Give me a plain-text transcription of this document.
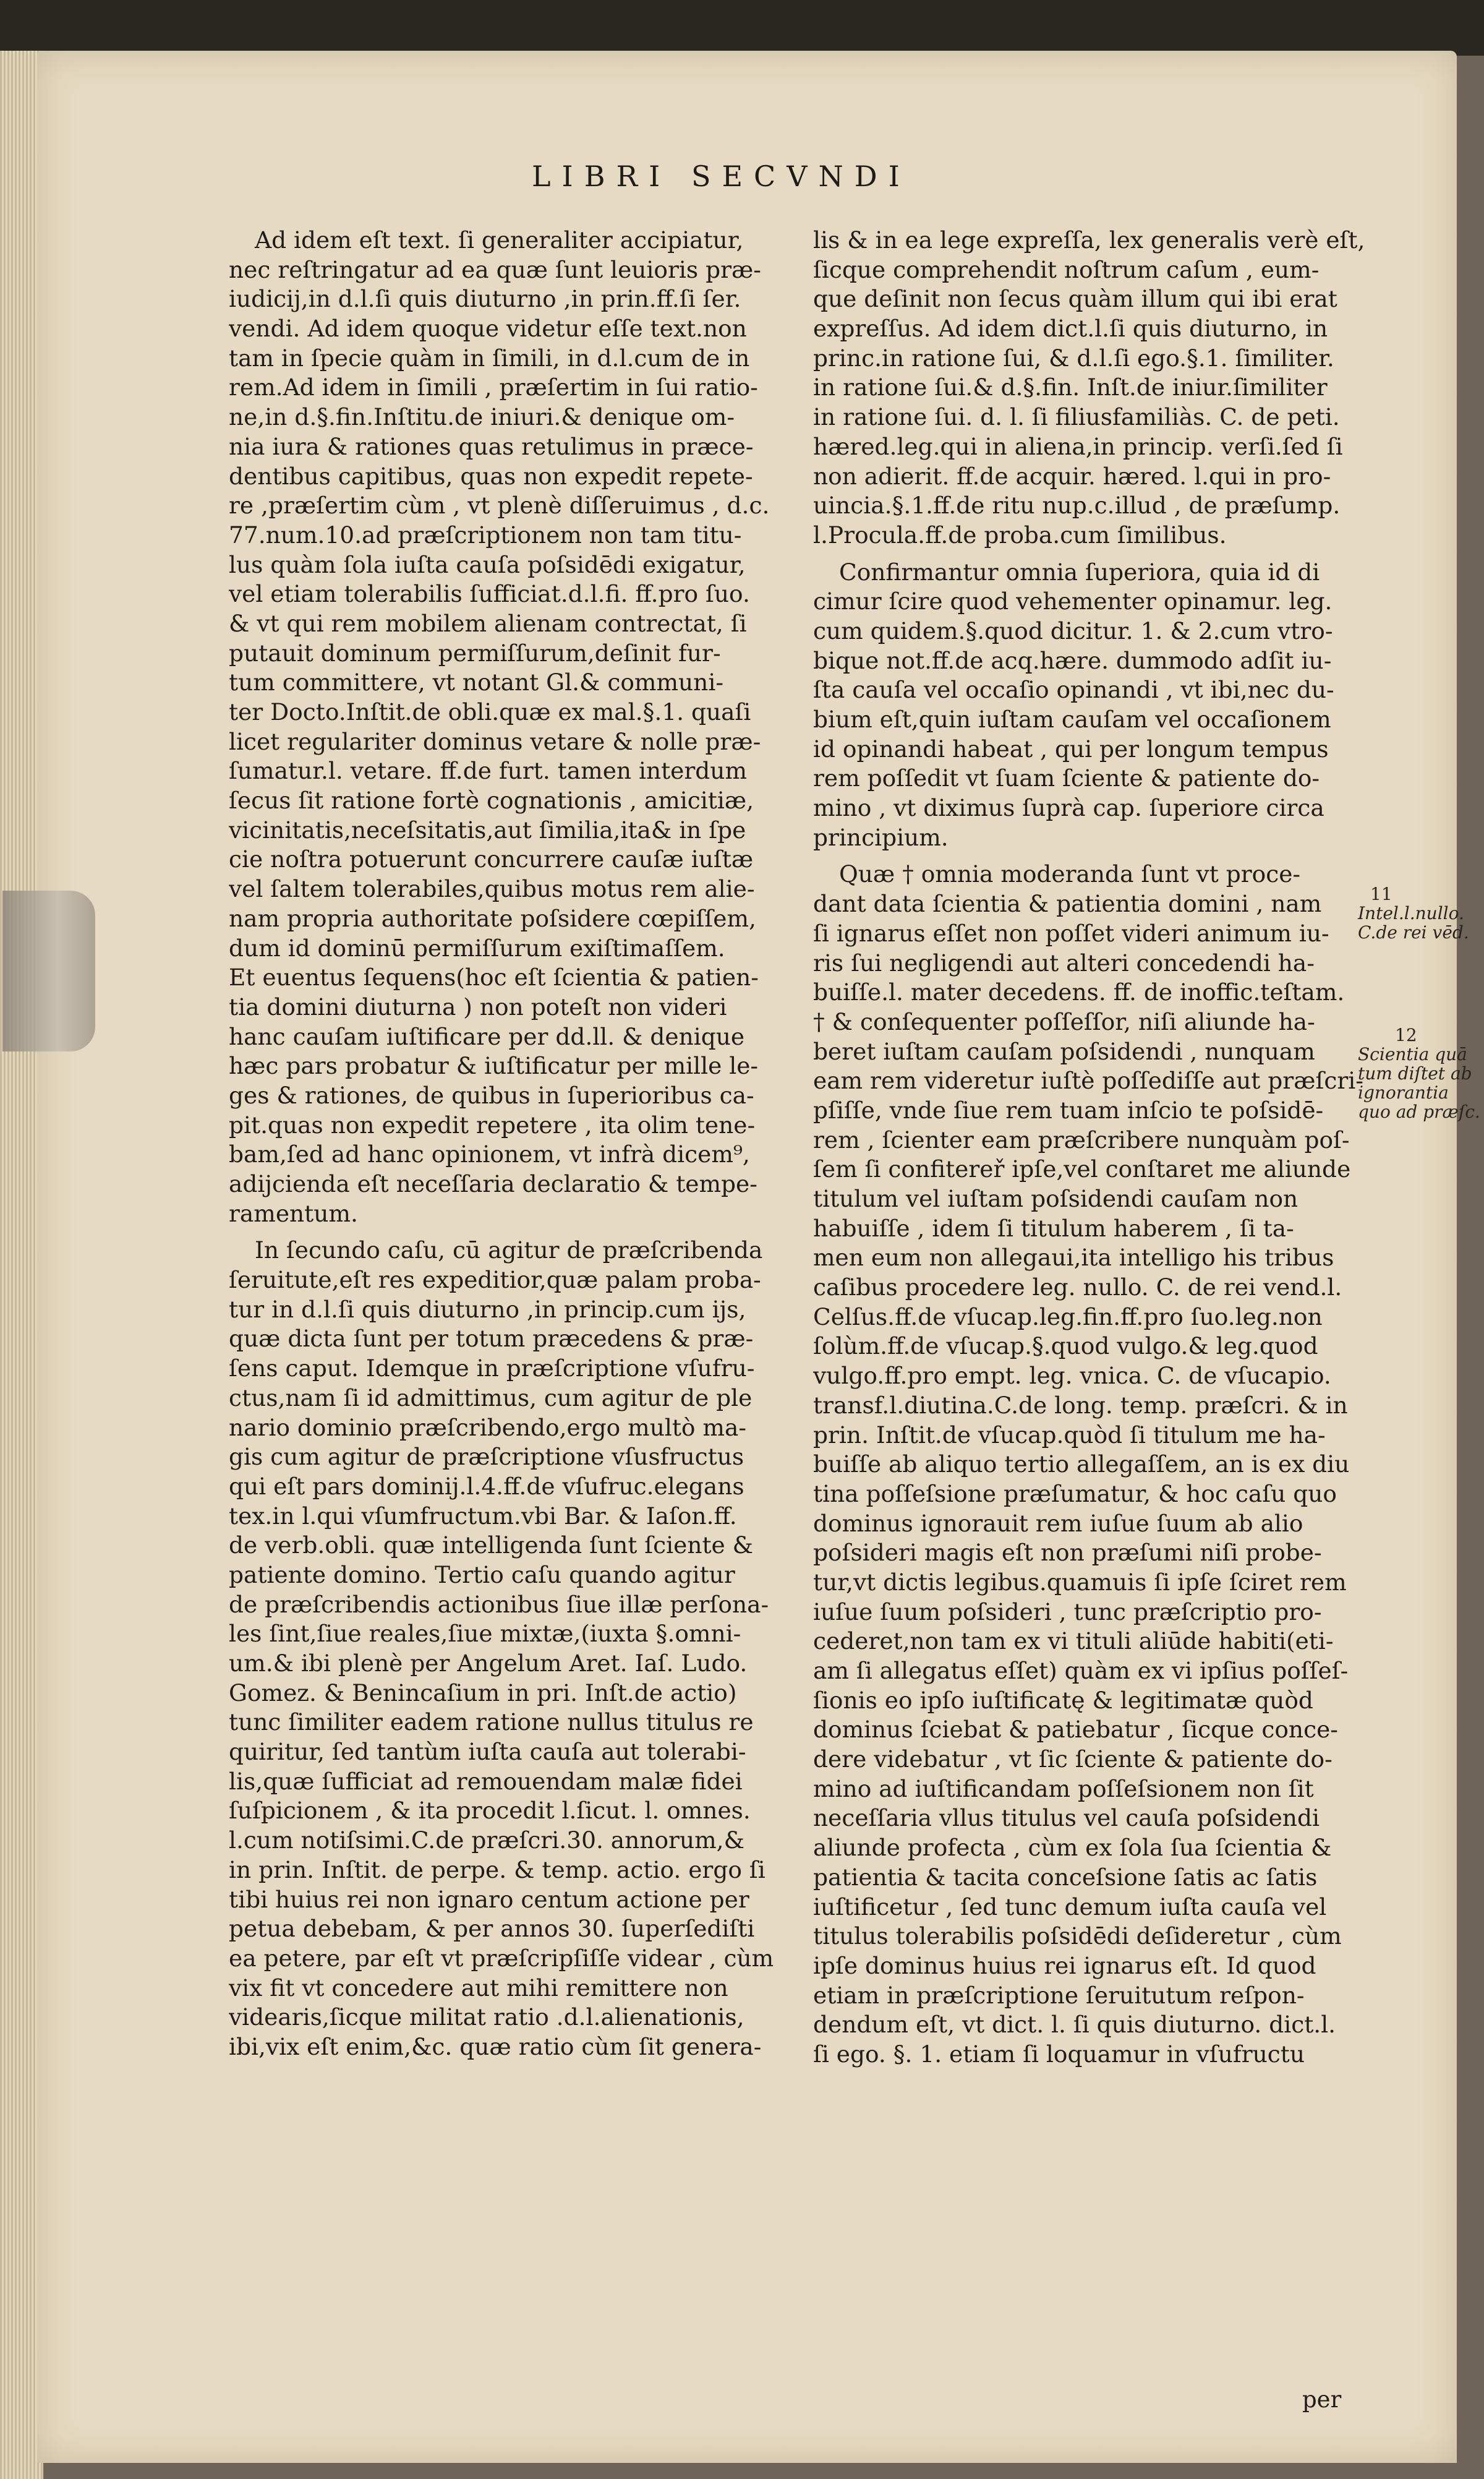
LIBRI SECVNDI
Ad idem eſt text. ſi generaliter accipiatur,
nec reſtringatur ad ea quæ ſunt leuioris præ-
iudicij,in d.l.ſi quis diuturno ,in prin.ff.ſi ſer.
vendi. Ad idem quoque videtur eſſe text.non
tam in ſpecie quàm in ſimili, in d.l.cum de in
rem.Ad idem in ſimili , præſertim in ſui ratio-
ne,in d.§.fin.Inſtitu.de iniuri.& denique om-
nia iura & rationes quas retulimus in præce-
dentibus capitibus, quas non expedit repete-
re ,præſertim cùm , vt plenè diſſeruimus , d.c.
77.num.10.ad præſcriptionem non tam titu-
lus quàm ſola iuſta cauſa poſsidēdi exigatur,
vel etiam tolerabilis ſufficiat.d.l.fi. ff.pro ſuo.
& vt qui rem mobilem alienam contrectat, ſi
putauit dominum permiſſurum,deſinit fur-
tum committere, vt notant Gl.& communi-
ter Docto.Inſtit.de obli.quæ ex mal.§.1. quaſi
licet regulariter dominus vetare & nolle præ-
ſumatur.l. vetare. ff.de furt. tamen interdum
ſecus ſit ratione fortè cognationis , amicitiæ,
vicinitatis,neceſsitatis,aut ſimilia,ita& in ſpe
cie noſtra potuerunt concurrere cauſæ iuſtæ
vel ſaltem tolerabiles,quibus motus rem alie-
nam propria authoritate poſsidere cœpiſſem,
dum id dominū permiſſurum exiſtimaſſem.
Et euentus ſequens(hoc eſt ſcientia & patien-
tia domini diuturna ) non poteſt non videri
hanc cauſam iuſtificare per dd.ll. & denique
hæc pars probatur & iuſtificatur per mille le-
ges & rationes, de quibus in ſuperioribus ca-
pit.quas non expedit repetere , ita olim tene-
bam,ſed ad hanc opinionem, vt infrà dicem⁹,
adijcienda eſt neceſſaria declaratio & tempe-
ramentum.
In ſecundo caſu, cū agitur de præſcribenda
ſeruitute,eſt res expeditior,quæ palam proba-
tur in d.l.ſi quis diuturno ,in princip.cum ijs,
quæ dicta ſunt per totum præcedens & præ-
ſens caput. Idemque in præſcriptione vſufru-
ctus,nam ſi id admittimus, cum agitur de ple
nario dominio præſcribendo,ergo multò ma-
gis cum agitur de præſcriptione vſusfructus
qui eſt pars dominij.l.4.ff.de vſufruc.elegans
tex.in l.qui vſumfructum.vbi Bar. & Iaſon.ff.
de verb.obli. quæ intelligenda ſunt ſciente &
patiente domino. Tertio caſu quando agitur
de præſcribendis actionibus ſiue illæ perſona-
les ſint,ſiue reales,ſiue mixtæ,(iuxta §.omni-
um.& ibi plenè per Angelum Aret. Iaſ. Ludo.
Gomez. & Benincaſium in pri. Inſt.de actio)
tunc ſimiliter eadem ratione nullus titulus re
quiritur, ſed tantùm iuſta cauſa aut tolerabi-
lis,quæ ſufficiat ad remouendam malæ fidei
ſuſpicionem , & ita procedit l.ſicut. l. omnes.
l.cum notiſsimi.C.de præſcri.30. annorum,&
in prin. Inſtit. de perpe. & temp. actio. ergo ſi
tibi huius rei non ignaro centum actione per
petua debebam, & per annos 30. ſuperſediſti
ea petere, par eſt vt præſcripſiſſe videar , cùm
vix fit vt concedere aut mihi remittere non
videaris,ſicque militat ratio .d.l.alienationis,
ibi,vix eſt enim,&c. quæ ratio cùm ſit genera-
lis & in ea lege expreſſa, lex generalis verè eſt,
ſicque comprehendit noſtrum caſum , eum-
que deſinit non ſecus quàm illum qui ibi erat
expreſſus. Ad idem dict.l.ſi quis diuturno, in
princ.in ratione ſui, & d.l.ſi ego.§.1. ſimiliter.
in ratione ſui.& d.§.fin. Inſt.de iniur.ſimiliter
in ratione ſui. d. l. ſi filiusfamiliàs. C. de peti.
hæred.leg.qui in aliena,in princip. verſi.ſed ſi
non adierit. ff.de acquir. hæred. l.qui in pro-
uincia.§.1.ff.de ritu nup.c.illud , de præſump.
l.Procula.ff.de proba.cum ſimilibus.
Confirmantur omnia ſuperiora, quia id di
cimur ſcire quod vehementer opinamur. leg.
cum quidem.§.quod dicitur. 1. & 2.cum vtro-
bique not.ff.de acq.hære. dummodo adſit iu-
ſta cauſa vel occaſio opinandi , vt ibi,nec du-
bium eſt,quin iuſtam cauſam vel occaſionem
id opinandi habeat , qui per longum tempus
rem poſſedit vt ſuam ſciente & patiente do-
mino , vt diximus ſuprà cap. ſuperiore circa
principium.
Quæ † omnia moderanda ſunt vt proce-
dant data ſcientia & patientia domini , nam
ſi ignarus eſſet non poſſet videri animum iu-
ris ſui negligendi aut alteri concedendi ha-
buiſſe.l. mater decedens. ff. de inoffic.teſtam.
† & conſequenter poſſeſſor, niſi aliunde ha-
beret iuſtam cauſam poſsidendi , nunquam
eam rem videretur iuſtè poſſediſſe aut præſcri-
pſiſſe, vnde ſiue rem tuam inſcio te poſsidē-
rem , ſcienter eam præſcribere nunquàm poſ-
ſem ſi confitereř ipſe,vel conſtaret me aliunde
titulum vel iuſtam poſsidendi cauſam non
habuiſſe , idem ſi titulum haberem , ſi ta-
men eum non allegaui,ita intelligo his tribus
caſibus procedere leg. nullo. C. de rei vend.l.
Celſus.ff.de vſucap.leg.fin.ff.pro ſuo.leg.non
ſolùm.ff.de vſucap.§.quod vulgo.& leg.quod
vulgo.ff.pro empt. leg. vnica. C. de vſucapio.
transf.l.diutina.C.de long. temp. præſcri. & in
prin. Inſtit.de vſucap.quòd ſi titulum me ha-
buiſſe ab aliquo tertio allegaſſem, an is ex diu
tina poſſeſsione præſumatur, & hoc caſu quo
dominus ignorauit rem iuſue ſuum ab alio
poſsideri magis eſt non præſumi niſi probe-
tur,vt dictis legibus.quamuis ſi ipſe ſciret rem
iuſue ſuum poſsideri , tunc præſcriptio pro-
cederet,non tam ex vi tituli aliūde habiti(eti-
am ſi allegatus eſſet) quàm ex vi ipſius poſſeſ-
ſionis eo ipſo iuſtificatę & legitimatæ quòd
dominus ſciebat & patiebatur , ſicque conce-
dere videbatur , vt ſic ſciente & patiente do-
mino ad iuſtificandam poſſeſsionem non ſit
neceſſaria vllus titulus vel cauſa poſsidendi
aliunde profecta , cùm ex ſola ſua ſcientia &
patientia & tacita conceſsione ſatis ac ſatis
iuſtificetur , ſed tunc demum iuſta cauſa vel
titulus tolerabilis poſsidēdi deſideretur , cùm
ipſe dominus huius rei ignarus eſt. Id quod
etiam in præſcriptione ſeruitutum reſpon-
dendum eſt, vt dict. l. ſi quis diuturno. dict.l.
ſi ego. §. 1. etiam ſi loquamur in vſufructu
11
Intel.l.nullo.
C.de rei vēd.
12
Scientia quā
tum diſtet ab
ignorantia
quo ad præſc.
per
